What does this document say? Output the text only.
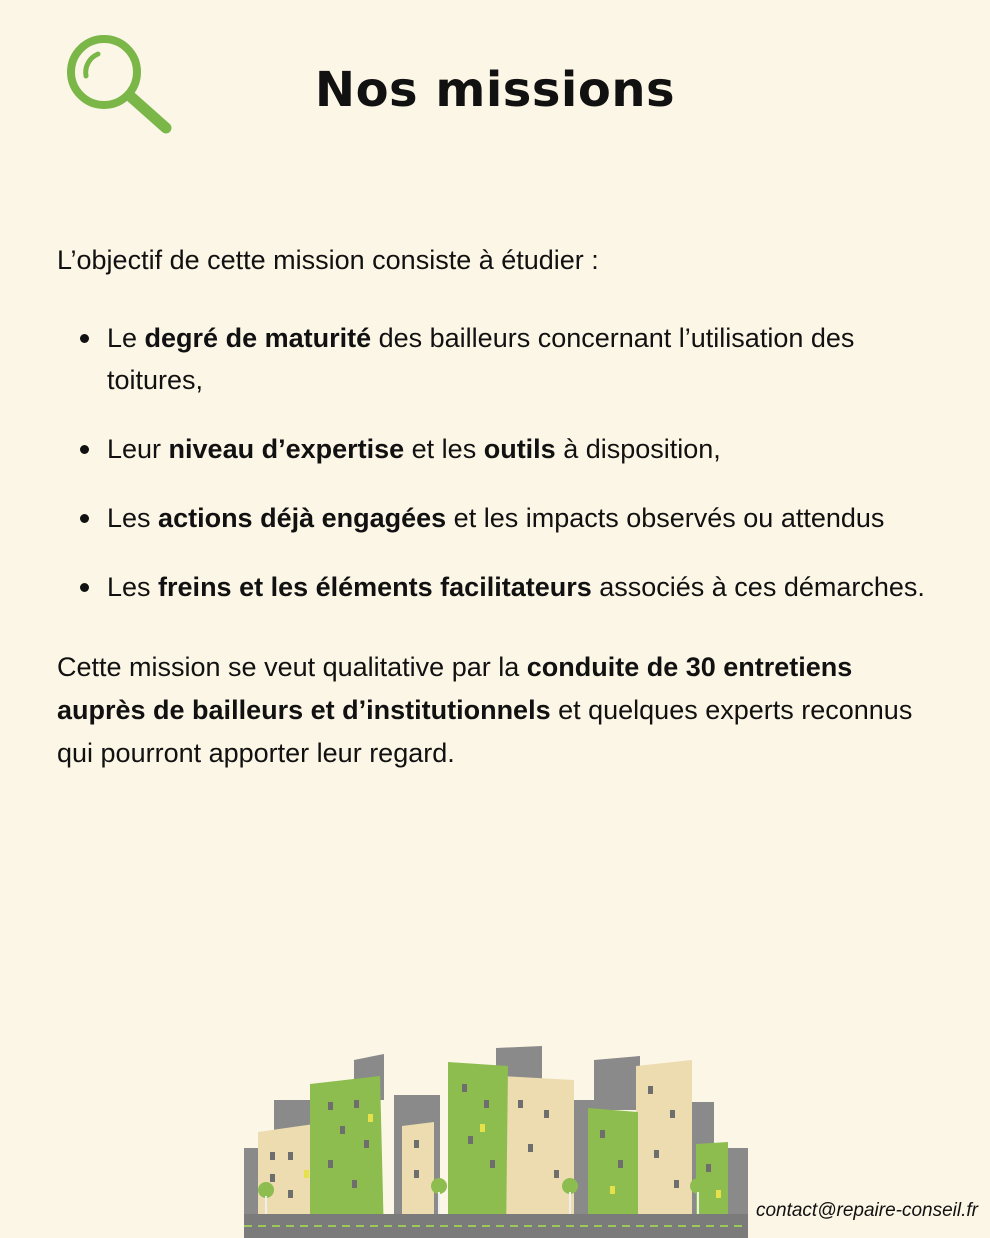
Nos missions

L’objectif de cette mission consiste à étudier :

Le degré de maturité des bailleurs concernant l’utilisation des toitures,
Leur niveau d’expertise et les outils à disposition,
Les actions déjà engagées et les impacts observés ou attendus
Les freins et les éléments facilitateurs associés à ces démarches.

Cette mission se veut qualitative par la conduite de 30 entretiens auprès de bailleurs et d’institutionnels et quelques experts reconnus qui pourront apporter leur regard.

contact@repaire-conseil.fr
